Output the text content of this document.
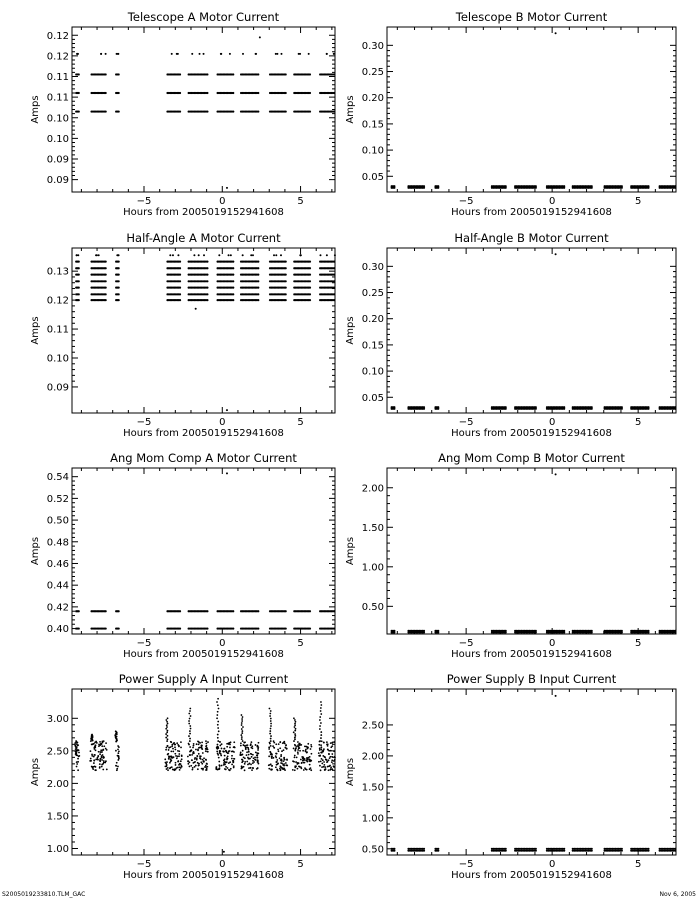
Telescope A Motor Current
−5	0	5
Hours from 2005019152941608
0.09
0.09
0.10
0.10
0.11
0.11
0.12
0.12
Amps
Telescope B Motor Current
−5	0	5
Hours from 2005019152941608
0.05
0.10
0.15
0.20
0.25
0.30
Amps
Half-Angle A Motor Current
−5	0	5
Hours from 2005019152941608
0.09
0.10
0.11
0.12
0.13
Amps
Half-Angle B Motor Current
−5	0	5
Hours from 2005019152941608
0.05
0.10
0.15
0.20
0.25
0.30
Amps
Ang Mom Comp A Motor Current
−5	0	5
Hours from 2005019152941608
0.40
0.42
0.44
0.46
0.48
0.50
0.52
0.54
Amps
Ang Mom Comp B Motor Current
−5	0	5
Hours from 2005019152941608
0.50
1.00
1.50
2.00
Amps
Power Supply A Input Current
−5	0	5
Hours from 2005019152941608
1.00
1.50
2.00
2.50
3.00
Amps
Power Supply B Input Current
−5	0	5
Hours from 2005019152941608
0.50
1.00
1.50
2.00
2.50
Amps
S2005019233810.TLM_GAC	Nov 6, 2005
